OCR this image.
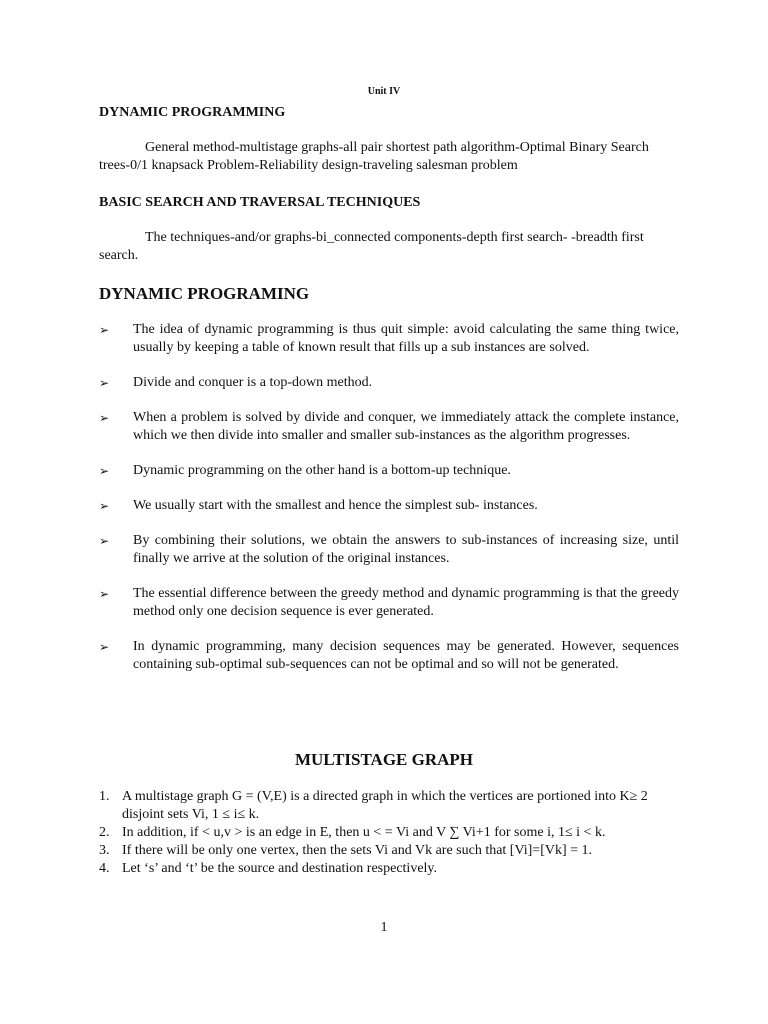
Unit IV
DYNAMIC PROGRAMMING

General method-multistage graphs-all pair shortest path algorithm-Optimal Binary Search trees-0/1 knapsack Problem-Reliability design-traveling salesman problem

BASIC SEARCH AND TRAVERSAL TECHNIQUES

The techniques-and/or graphs-bi_connected components-depth first search- -breadth first search.

DYNAMIC PROGRAMING
➢ The idea of dynamic programming is thus quit simple: avoid calculating the same thing twice, usually by keeping a table of known result that fills up a sub instances are solved.
➢ Divide and conquer is a top-down method.
➢ When a problem is solved by divide and conquer, we immediately attack the complete instance, which we then divide into smaller and smaller sub-instances as the algorithm progresses.
➢ Dynamic programming on the other hand is a bottom-up technique.
➢ We usually start with the smallest and hence the simplest sub- instances.
➢ By combining their solutions, we obtain the answers to sub-instances of increasing size, until finally we arrive at the solution of the original instances.
➢ The essential difference between the greedy method and dynamic programming is that the greedy method only one decision sequence is ever generated.
➢ In dynamic programming, many decision sequences may be generated. However, sequences containing sub-optimal sub-sequences can not be optimal and so will not be generated.
MULTISTAGE GRAPH
1. A multistage graph G = (V,E) is a directed graph in which the vertices are portioned into K≥ 2 disjoint sets Vi, 1 ≤ i≤ k.
2. In addition, if < u,v > is an edge in E, then u < = Vi and V ∑ Vi+1 for some i, 1≤ i < k.
3. If there will be only one vertex, then the sets Vi and Vk are such that [Vi]=[Vk] = 1.
4. Let ‘s’ and ‘t’ be the source and destination respectively.
1
